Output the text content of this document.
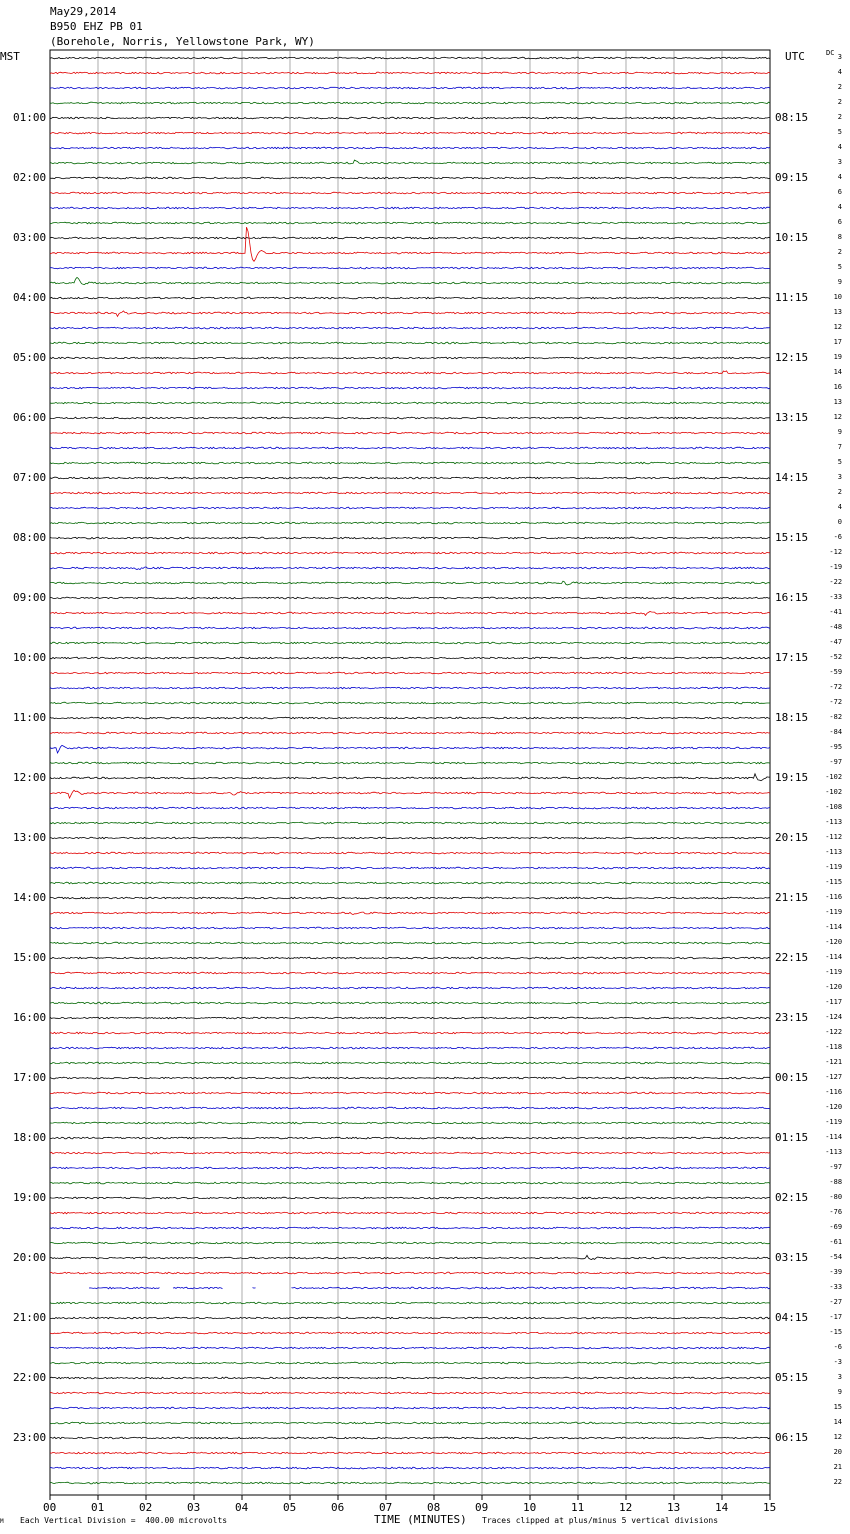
May29,2014
B950 EHZ PB 01
(Borehole, Norris, Yellowstone Park, WY)
MST	UTC	DC 3
4
2
2
2
5
4
3
4
6
4
6
8
2
5
9
10
13
12
17
19
14
16
13
12
9
7
5
3
2
4
0
-6
-12
-19
-22
-33
-41
-48
-47
-52
-59
-72
-72
-82
-84
-95
-97
-102
-102
-108
-113
-112
-113
-119
-115
-116
-119
-114
-120
-114
-119
-120
-117
-124
-122
-118
-121
-127
-116
-120
-119
-114
-113
-97
-88
-80
-76
-69
-61
-54
-39
-33
-27
-17
-15
-6
-3
3
9
15
14
12
20
21
22
01:00
02:00
03:00
04:00
05:00
06:00
07:00
08:00
09:00
10:00
11:00
12:00
13:00
14:00
15:00
16:00
17:00
18:00
19:00
20:00
21:00
22:00
23:00
08:15
09:15
10:15
11:15
12:15
13:15
14:15
15:15
16:15
17:15
18:15
19:15
20:15
21:15
22:15
23:15
00:15
01:15
02:15
03:15
04:15
05:15
06:15
00	01	02	03	04	05	06	07	08	09	10	11	12	13	14	15
M Each Vertical Division =  400.00 microvolts	TIME (MINUTES) Traces clipped at plus/minus 5 vertical divisions
